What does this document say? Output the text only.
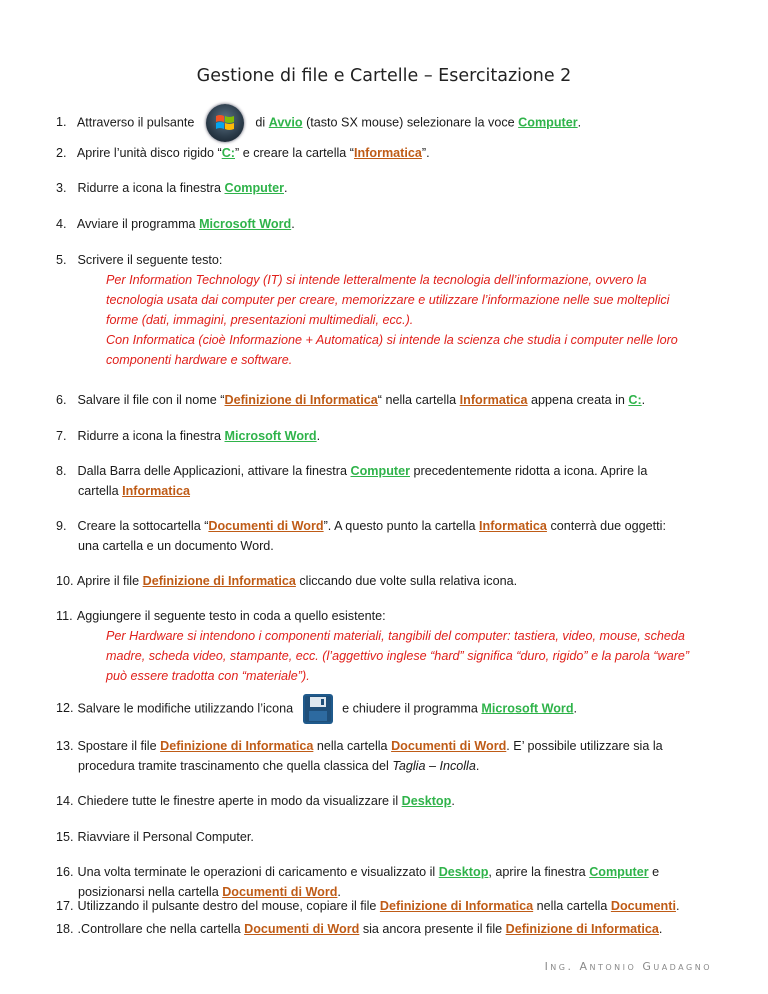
Gestione di file e Cartelle – Esercitazione 2
1. Attraverso il pulsante	di Avvio (tasto SX mouse) selezionare la voce Computer.
2. Aprire l’unità disco rigido “C:” e creare la cartella “Informatica”.
3. Ridurre a icona la finestra Computer.
4. Avviare il programma Microsoft Word.
5. Scrivere il seguente testo:
Per Information Technology (IT) si intende letteralmente la tecnologia dell’informazione, ovvero la
tecnologia usata dai computer per creare, memorizzare e utilizzare l’informazione nelle sue molteplici
forme (dati, immagini, presentazioni multimediali, ecc.).
Con Informatica (cioè Informazione + Automatica) si intende la scienza che studia i computer nelle loro
componenti hardware e software.
6. Salvare il file con il nome “Definizione di Informatica“ nella cartella Informatica appena creata in C:.
7. Ridurre a icona la finestra Microsoft Word.
8. Dalla Barra delle Applicazioni, attivare la finestra Computer precedentemente ridotta a icona. Aprire la
cartella Informatica
9. Creare la sottocartella “Documenti di Word”. A questo punto la cartella Informatica conterrà due oggetti:
una cartella e un documento Word.
10. Aprire il file Definizione di Informatica cliccando due volte sulla relativa icona.
11. Aggiungere il seguente testo in coda a quello esistente:
Per Hardware si intendono i componenti materiali, tangibili del computer: tastiera, video, mouse, scheda
madre, scheda video, stampante, ecc. (l’aggettivo inglese “hard” significa “duro, rigido” e la parola “ware”
può essere tradotta con “materiale”).
12. Salvare le modifiche utilizzando l’icona	e chiudere il programma Microsoft Word.
13. Spostare il file Definizione di Informatica nella cartella Documenti di Word. E’ possibile utilizzare sia la
procedura tramite trascinamento che quella classica del Taglia – Incolla.
14. Chiedere tutte le finestre aperte in modo da visualizzare il Desktop.
15. Riavviare il Personal Computer.
16. Una volta terminate le operazioni di caricamento e visualizzato il Desktop, aprire la finestra Computer e
posizionarsi nella cartella Documenti di Word.
17. Utilizzando il pulsante destro del mouse, copiare il file Definizione di Informatica nella cartella Documenti.
18. .Controllare che nella cartella Documenti di Word sia ancora presente il file Definizione di Informatica.
Ing. Antonio Guadagno
